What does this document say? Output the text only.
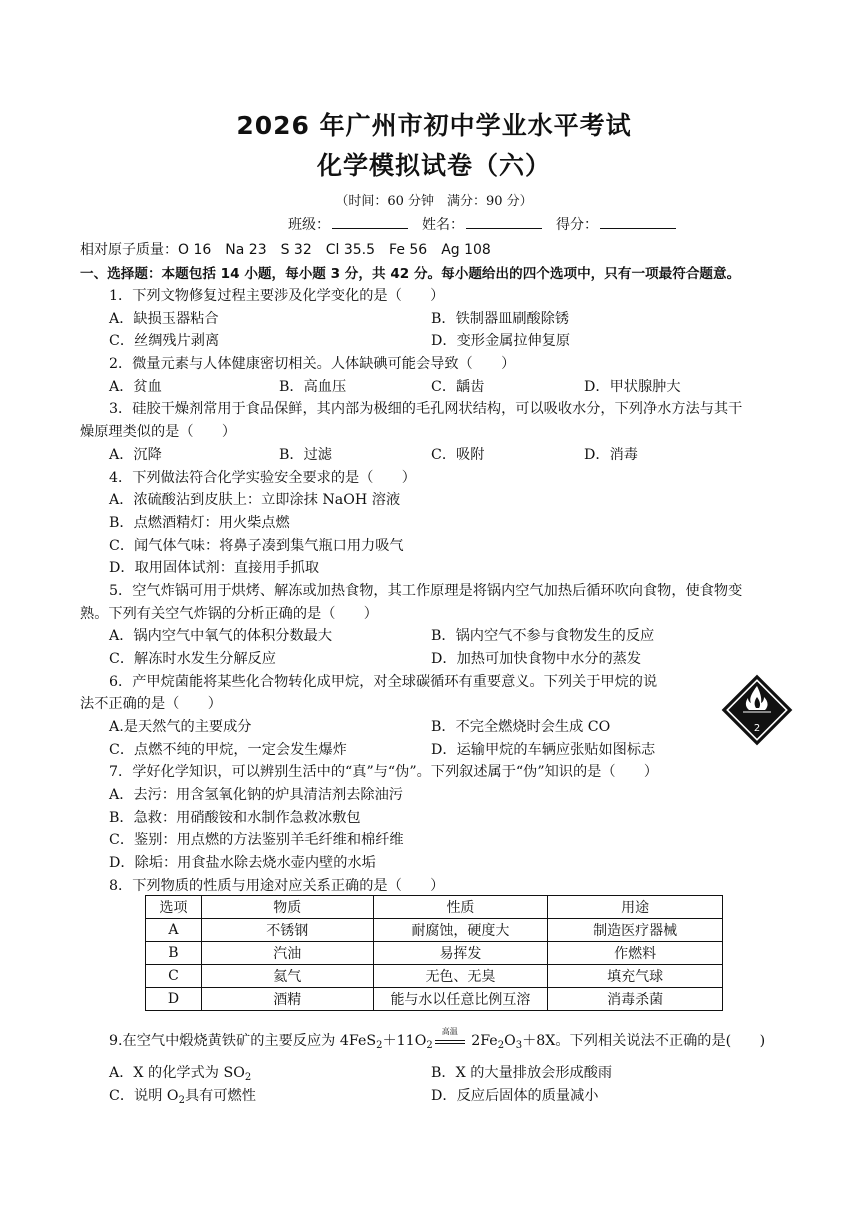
2026 年广州市初中学业水平考试
化学模拟试卷（六）
（时间：60 分钟　满分：90 分）
班级：	姓名：	得分：
相对原子质量：O 16　Na 23　S 32　Cl 35.5　Fe 56　Ag 108
一、选择题：本题包括 14 小题，每小题 3 分，共 42 分。每小题给出的四个选项中，只有一项最符合题意。
1．下列文物修复过程主要涉及化学变化的是（　　）
A．缺损玉器粘合	B．铁制器皿刷酸除锈
C．丝绸残片剥离	D．变形金属拉伸复原
2．微量元素与人体健康密切相关。人体缺碘可能会导致（　　）
A．贫血	B．高血压	C．龋齿	D．甲状腺肿大
3．硅胶干燥剂常用于食品保鲜，其内部为极细的毛孔网状结构，可以吸收水分，下列净水方法与其干
燥原理类似的是（　　）
A．沉降	B．过滤	C．吸附	D．消毒
4．下列做法符合化学实验安全要求的是（　　）
A．浓硫酸沾到皮肤上：立即涂抹 NaOH 溶液
B．点燃酒精灯：用火柴点燃
C．闻气体气味：将鼻子凑到集气瓶口用力吸气
D．取用固体试剂：直接用手抓取
5．空气炸锅可用于烘烤、解冻或加热食物，其工作原理是将锅内空气加热后循环吹向食物，使食物变
熟。下列有关空气炸锅的分析正确的是（　　）
A．锅内空气中氧气的体积分数最大	B．锅内空气不参与食物发生的反应
C．解冻时水发生分解反应	D．加热可加快食物中水分的蒸发
6．产甲烷菌能将某些化合物转化成甲烷，对全球碳循环有重要意义。下列关于甲烷的说
法不正确的是（　　）
A.是天然气的主要成分	B．不完全燃烧时会生成 CO
C．点燃不纯的甲烷，一定会发生爆炸	D．运输甲烷的车辆应张贴如图标志
2
7．学好化学知识，可以辨别生活中的“真”与“伪”。下列叙述属于“伪”知识的是（　　）
A．去污：用含氢氧化钠的炉具清洁剂去除油污
B．急救：用硝酸铵和水制作急救冰敷包
C．鉴别：用点燃的方法鉴别羊毛纤维和棉纤维
D．除垢：用食盐水除去烧水壶内壁的水垢
8．下列物质的性质与用途对应关系正确的是（　　）
选项	物质	性质	用途
A	不锈钢	耐腐蚀，硬度大	制造医疗器械
B	汽油	易挥发	作燃料
C	氦气	无色、无臭	填充气球
D	酒精	能与水以任意比例互溶	消毒杀菌
9.在空气中煅烧黄铁矿的主要反应为 $4FeS_2+11O_2$
高温
$2Fe_2O_3+8X$。下列相关说法不正确的是(　　)
A．X 的化学式为 $SO_2$	B．X 的大量排放会形成酸雨
C．说明 $O_2$具有可燃性	D．反应后固体的质量减小
